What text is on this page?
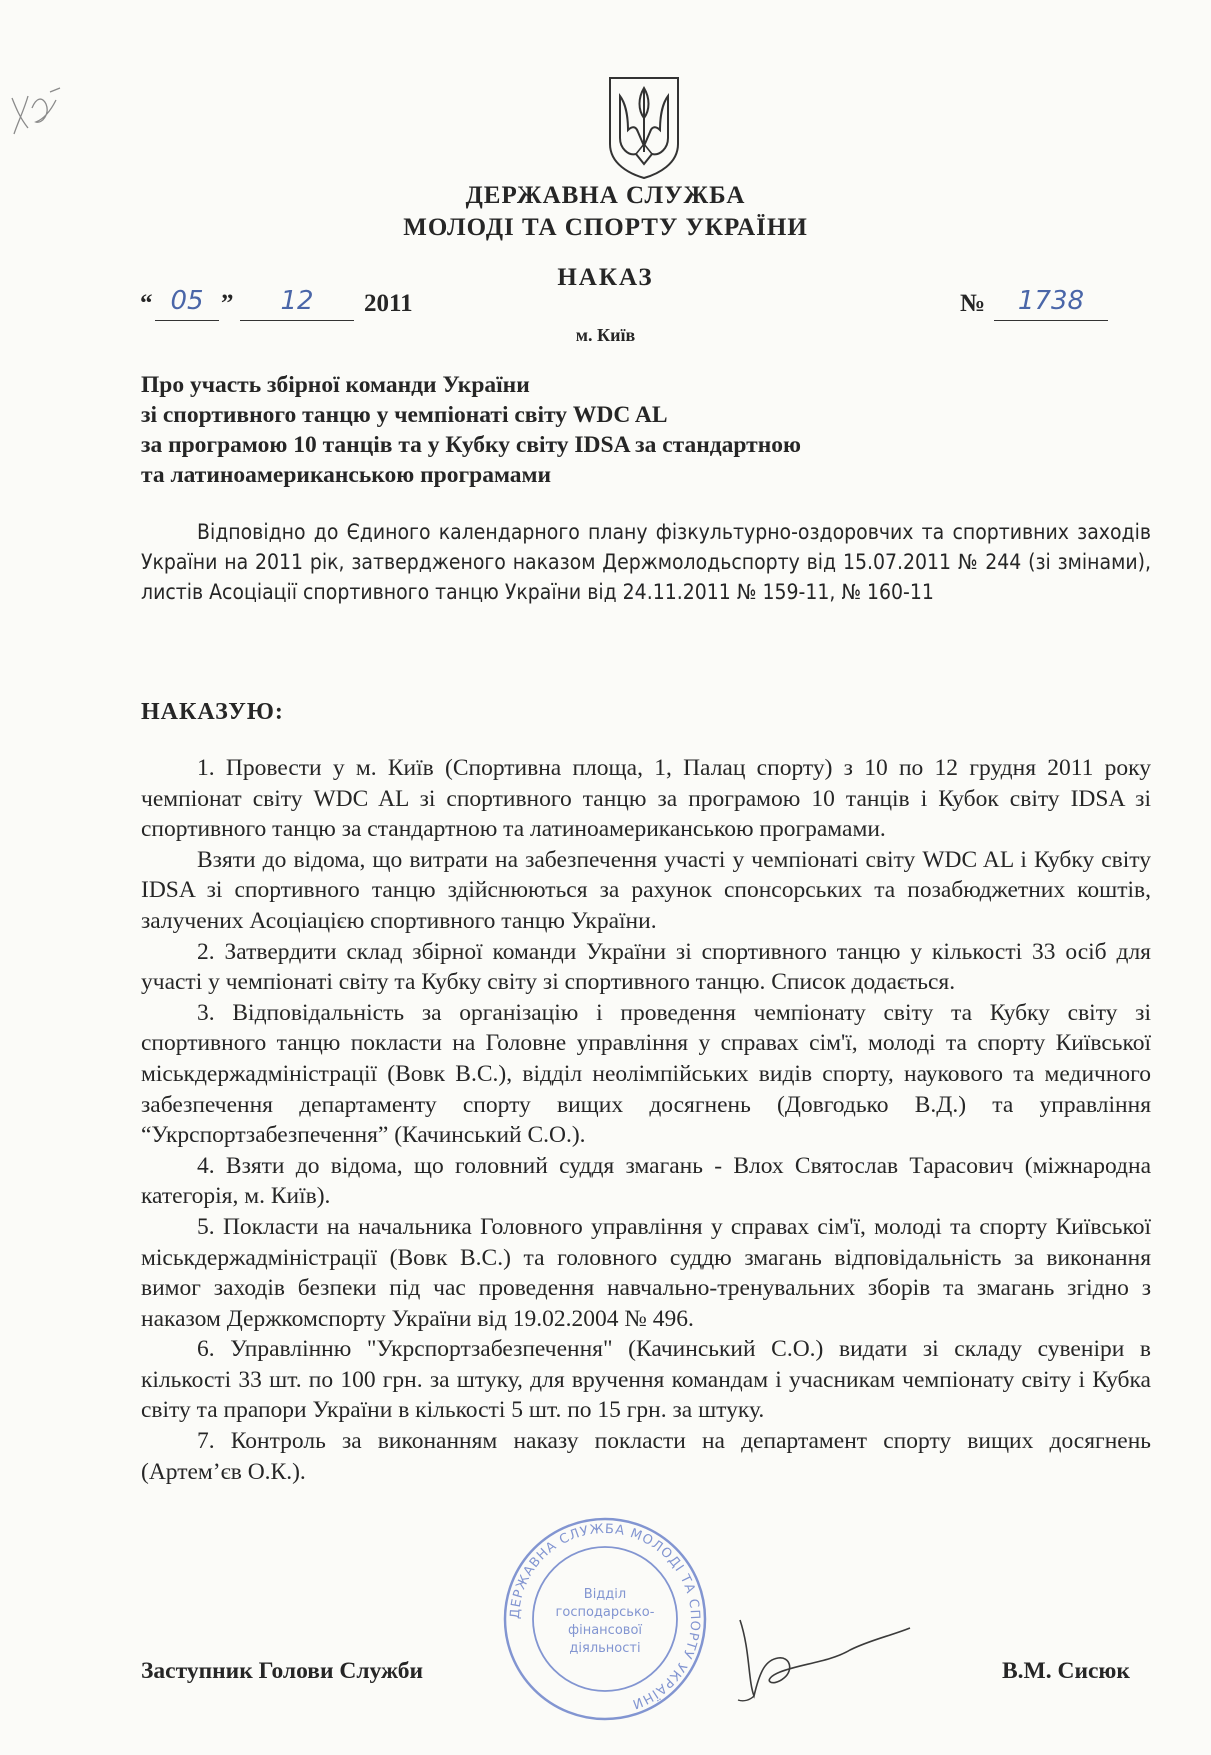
ДЕРЖАВНА СЛУЖБА
МОЛОДІ ТА СПОРТУ УКРАЇНИ
НАКАЗ
“ 05 ”	12	2011	№	1738
м. Київ
Про участь збірної команди України
зі спортивного танцю у чемпіонаті світу WDC AL
за програмою 10 танців та у Кубку світу IDSA за стандартною
та латиноамериканською програмами

Відповідно до Єдиного календарного плану фізкультурно-оздоровчих та спортивних заходів України на 2011 рік, затвердженого наказом Держмолодьспорту від 15.07.2011 № 244 (зі змінами), листів Асоціації спортивного танцю України від 24.11.2011 № 159-11, № 160-11

НАКАЗУЮ:

1. Провести у м. Київ (Спортивна площа, 1, Палац спорту) з 10 по 12 грудня 2011 року чемпіонат світу WDC AL зі спортивного танцю за програмою 10 танців і Кубок світу IDSA зі спортивного танцю за стандартною та латиноамериканською програмами.

Взяти до відома, що витрати на забезпечення участі у чемпіонаті світу WDC AL і Кубку світу IDSA зі спортивного танцю здійснюються за рахунок спонсорських та позабюджетних коштів, залучених Асоціацією спортивного танцю України.

2. Затвердити склад збірної команди України зі спортивного танцю у кількості 33 осіб для участі у чемпіонаті світу та Кубку світу зі спортивного танцю. Список додається.

3. Відповідальність за організацію і проведення чемпіонату світу та Кубку світу зі спортивного танцю покласти на Головне управління у справах сім'ї, молоді та спорту Київської міськдержадміністрації (Вовк В.С.), відділ неолімпійських видів спорту, наукового та медичного забезпечення департаменту спорту вищих досягнень (Довгодько В.Д.) та управління “Укрспортзабезпечення” (Качинський С.О.).

4. Взяти до відома, що головний суддя змагань - Влох Святослав Тарасович (міжнародна категорія, м. Київ).

5. Покласти на начальника Головного управління у справах сім'ї, молоді та спорту Київської міськдержадміністрації (Вовк В.С.) та головного суддю змагань відповідальність за виконання вимог заходів безпеки під час проведення навчально-тренувальних зборів та змагань згідно з наказом Держкомспорту України від 19.02.2004 № 496.

6. Управлінню "Укрспортзабезпечення" (Качинський С.О.) видати зі складу сувеніри в кількості 33 шт. по 100 грн. за штуку, для вручення командам і учасникам чемпіонату світу і Кубка світу та прапори України в кількості 5 шт. по 15 грн. за штуку.

7. Контроль за виконанням наказу покласти на департамент спорту вищих досягнень (Артем’єв О.К.).

ДЕРЖАВНА СЛУЖБА МОЛОДІ ТА СПОРТУ УКРАЇНИ
Відділ
господарсько-
фінансової
діяльності
Заступник Голови Служби	В.М. Сисюк
